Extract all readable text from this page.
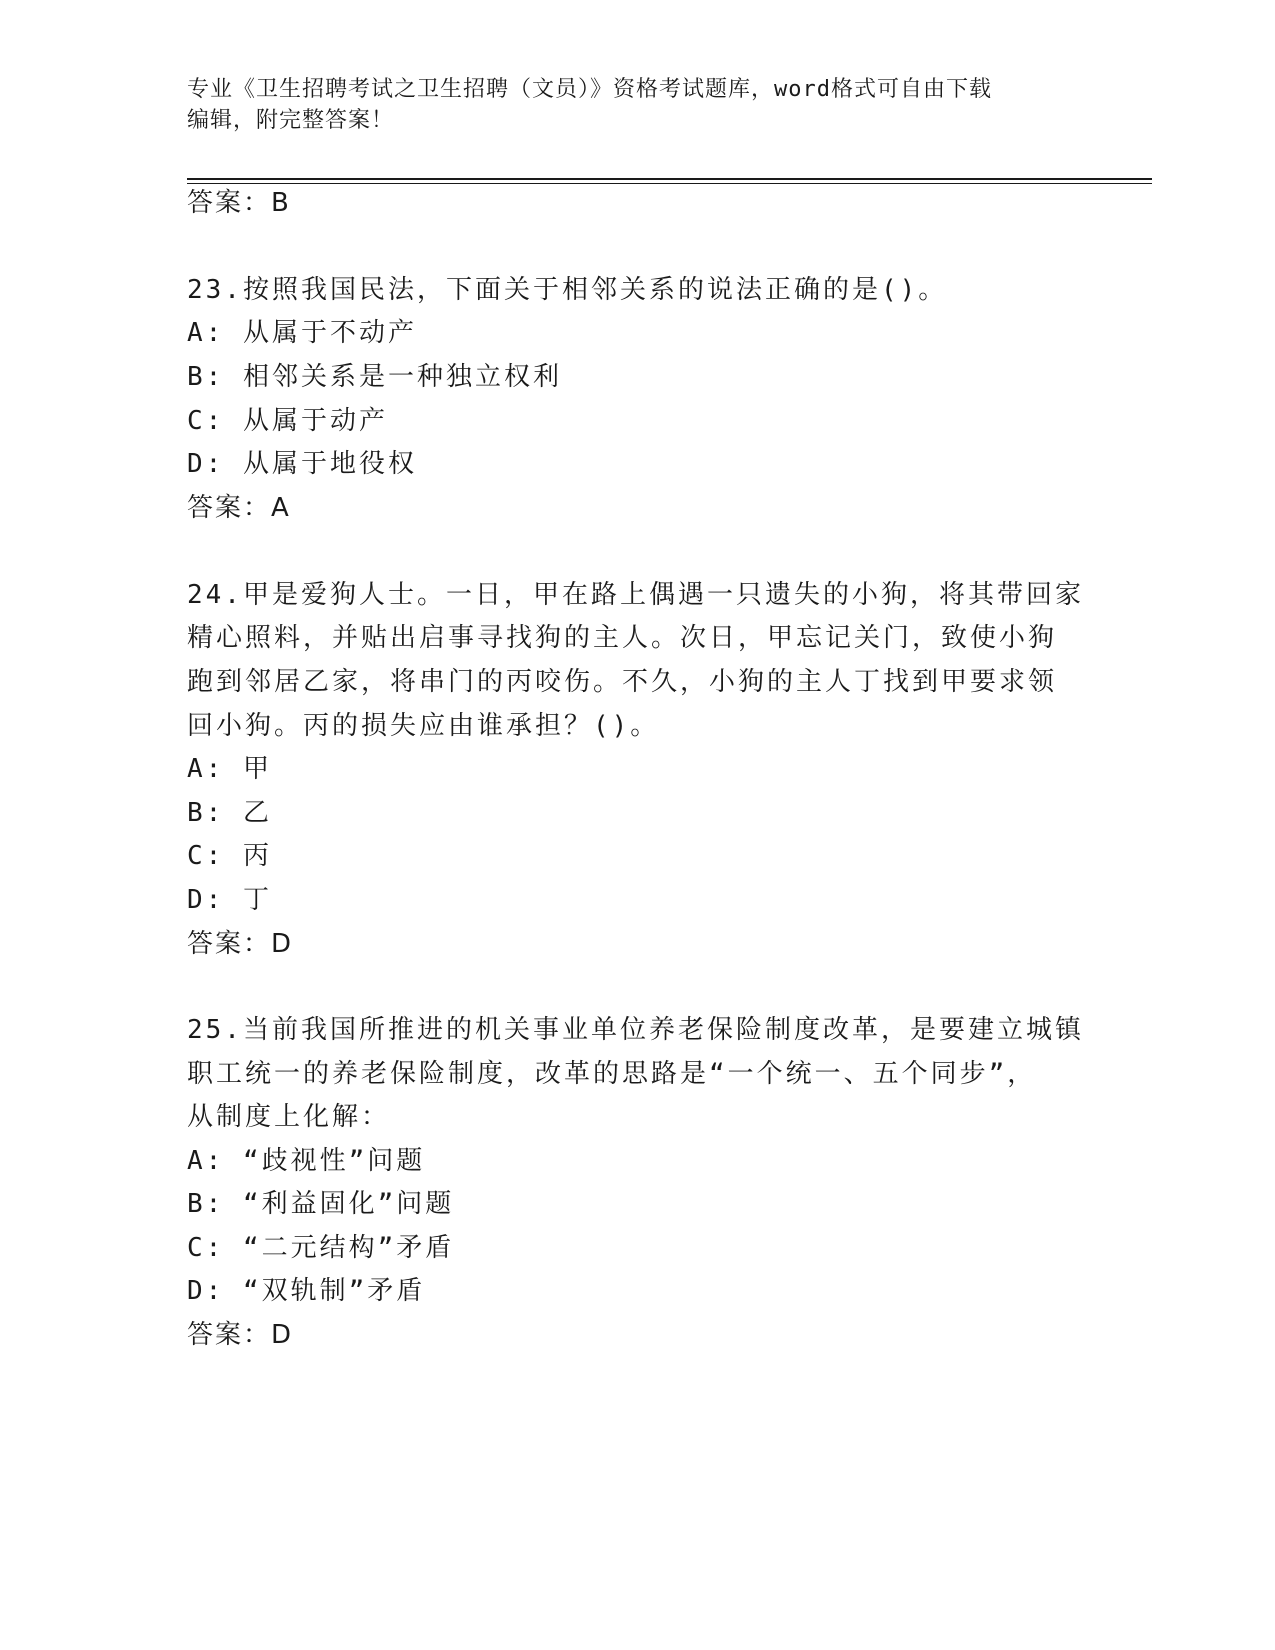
专业《卫生招聘考试之卫生招聘（文员）》资格考试题库，word格式可自由下载
编辑，附完整答案！
答案：B
23.按照我国民法，下面关于相邻关系的说法正确的是()。
A: 从属于不动产
B: 相邻关系是一种独立权利
C: 从属于动产
D: 从属于地役权
答案：A
24.甲是爱狗人士。一日，甲在路上偶遇一只遗失的小狗，将其带回家
精心照料，并贴出启事寻找狗的主人。次日，甲忘记关门，致使小狗
跑到邻居乙家，将串门的丙咬伤。不久，小狗的主人丁找到甲要求领
回小狗。丙的损失应由谁承担？()。
A: 甲
B: 乙
C: 丙
D: 丁
答案：D
25.当前我国所推进的机关事业单位养老保险制度改革，是要建立城镇
职工统一的养老保险制度，改革的思路是“一个统一、五个同步”，
从制度上化解：
A: “歧视性”问题
B: “利益固化”问题
C: “二元结构”矛盾
D: “双轨制”矛盾
答案：D
